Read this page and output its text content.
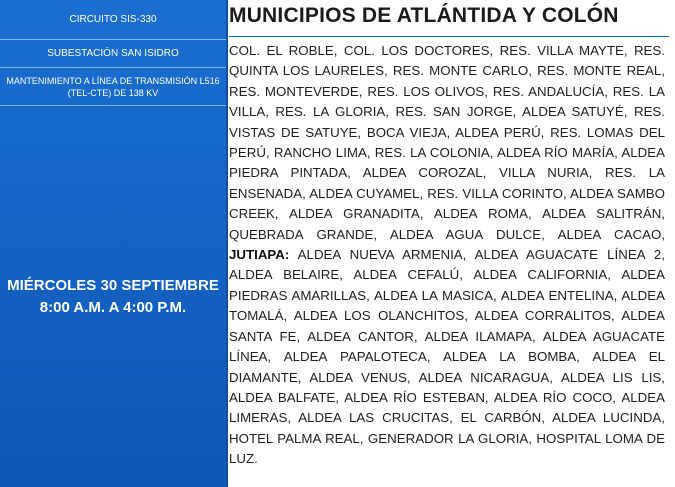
CIRCUITO SIS-330
SUBESTACIÓN SAN ISIDRO
MANTENIMIENTO A LÍNEA DE TRANSMISIÓN L516 (TEL-CTE) DE 138 KV
MIÉRCOLES 30 SEPTIEMBRE
8:00 A.M. A 4:00 P.M.
MUNICIPIOS DE ATLÁNTIDA Y COLÓN
COL. EL ROBLE, COL. LOS DOCTORES, RES. VILLA MAYTE, RES. QUINTA LOS LAURELES, RES. MONTE CARLO, RES. MONTE REAL, RES. MONTEVERDE, RES. LOS OLIVOS, RES. ANDALUCÍA, RES. LA VILLA, RES. LA GLORIA, RES. SAN JORGE, ALDEA SATUYÉ, RES. VISTAS DE SATUYE, BOCA VIEJA, ALDEA PERÚ, RES. LOMAS DEL PERÚ, RANCHO LIMA, RES. LA COLONIA, ALDEA RÍO MARÍA, ALDEA PIEDRA PINTADA, ALDEA COROZAL, VILLA NURIA, RES. LA ENSENADA, ALDEA CUYAMEL, RES. VILLA CORINTO, ALDEA SAMBO CREEK, ALDEA GRANADITA, ALDEA ROMA, ALDEA SALITRÁN, QUEBRADA GRANDE, ALDEA AGUA DULCE, ALDEA CACAO, JUTIAPA: ALDEA NUEVA ARMENIA, ALDEA AGUACATE LÍNEA 2, ALDEA BELAIRE, ALDEA CEFALÚ, ALDEA CALIFORNIA, ALDEA PIEDRAS AMARILLAS, ALDEA LA MASICA, ALDEA ENTELINA, ALDEA TOMALÁ, ALDEA LOS OLANCHITOS, ALDEA CORRALITOS, ALDEA SANTA FE, ALDEA CANTOR, ALDEA ILAMAPA, ALDEA AGUACATE LÍNEA, ALDEA PAPALOTECA, ALDEA LA BOMBA, ALDEA EL DIAMANTE, ALDEA VENUS, ALDEA NICARAGUA, ALDEA LIS LIS, ALDEA BALFATE, ALDEA RÍO ESTEBAN, ALDEA RÍO COCO, ALDEA LIMERAS, ALDEA LAS CRUCITAS, EL CARBÓN, ALDEA LUCINDA, HOTEL PALMA REAL, GENERADOR LA GLORIA, HOSPITAL LOMA DE LUZ.
